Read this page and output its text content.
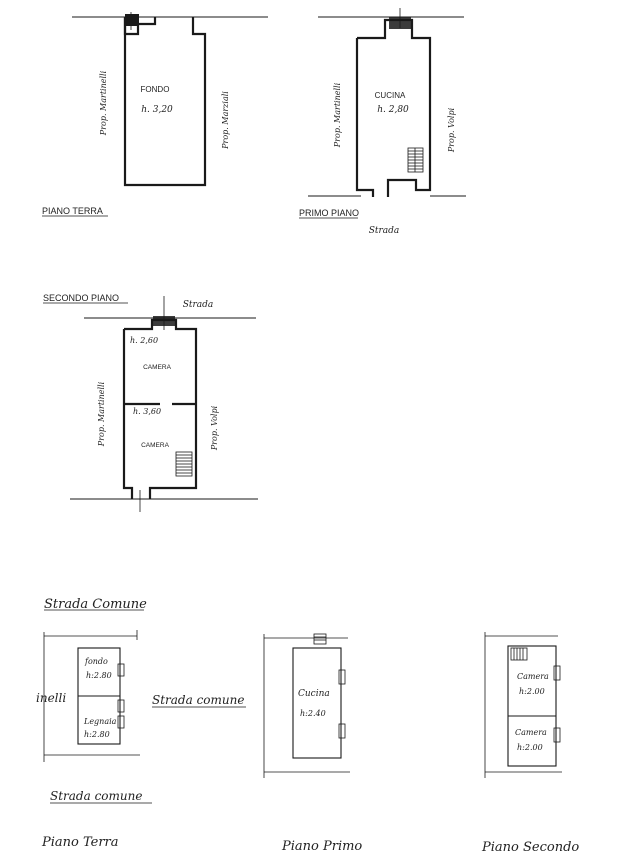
FONDO
h. 3,20
Prop. Martinelli	Prop. Marziali
PIANO TERRA
CUCINA
h. 2,80
Prop. Martinelli	Prop. Volpi
PRIMO PIANO
Strada
SECONDO PIANO
Strada
h. 2,60
CAMERA
h. 3,60
CAMERA
Prop. Martinelli	Prop. Volpi
Strada Comune
fondo
h:2.80
Legnaia
h:2.80
Piano Terra
inelli	Strada comune
Strada comune
Cucina
h:2.40
Piano Primo
Camera
h:2.00
Camera
h:2.00
Piano Secondo
